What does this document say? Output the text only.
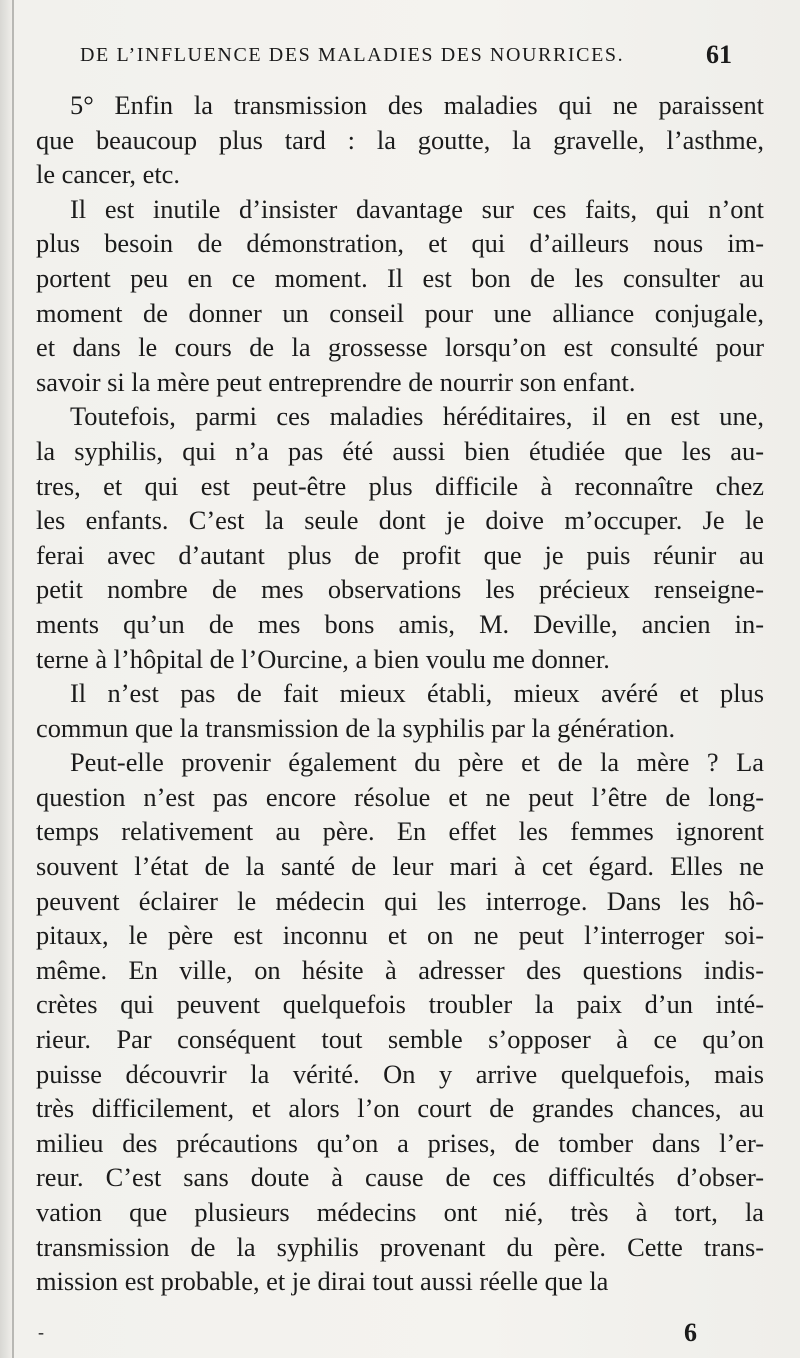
DE L’INFLUENCE DES MALADIES DES NOURRICES.	61
5° Enfin la transmission des maladies qui ne paraissent
que beaucoup plus tard : la goutte, la gravelle, l’asthme,
le cancer, etc.
Il est inutile d’insister davantage sur ces faits, qui n’ont
plus besoin de démonstration, et qui d’ailleurs nous im-
portent peu en ce moment. Il est bon de les consulter au
moment de donner un conseil pour une alliance conjugale,
et dans le cours de la grossesse lorsqu’on est consulté pour
savoir si la mère peut entreprendre de nourrir son enfant.
Toutefois, parmi ces maladies héréditaires, il en est une,
la syphilis, qui n’a pas été aussi bien étudiée que les au-
tres, et qui est peut-être plus difficile à reconnaître chez
les enfants. C’est la seule dont je doive m’occuper. Je le
ferai avec d’autant plus de profit que je puis réunir au
petit nombre de mes observations les précieux renseigne-
ments qu’un de mes bons amis, M. Deville, ancien in-
terne à l’hôpital de l’Ourcine, a bien voulu me donner.
Il n’est pas de fait mieux établi, mieux avéré et plus
commun que la transmission de la syphilis par la génération.
Peut-elle provenir également du père et de la mère ? La
question n’est pas encore résolue et ne peut l’être de long-
temps relativement au père. En effet les femmes ignorent
souvent l’état de la santé de leur mari à cet égard. Elles ne
peuvent éclairer le médecin qui les interroge. Dans les hô-
pitaux, le père est inconnu et on ne peut l’interroger soi-
même. En ville, on hésite à adresser des questions indis-
crètes qui peuvent quelquefois troubler la paix d’un inté-
rieur. Par conséquent tout semble s’opposer à ce qu’on
puisse découvrir la vérité. On y arrive quelquefois, mais
très difficilement, et alors l’on court de grandes chances, au
milieu des précautions qu’on a prises, de tomber dans l’er-
reur. C’est sans doute à cause de ces difficultés d’obser-
vation que plusieurs médecins ont nié, très à tort, la
transmission de la syphilis provenant du père. Cette trans-
mission est probable, et je dirai tout aussi réelle que la
-	6
